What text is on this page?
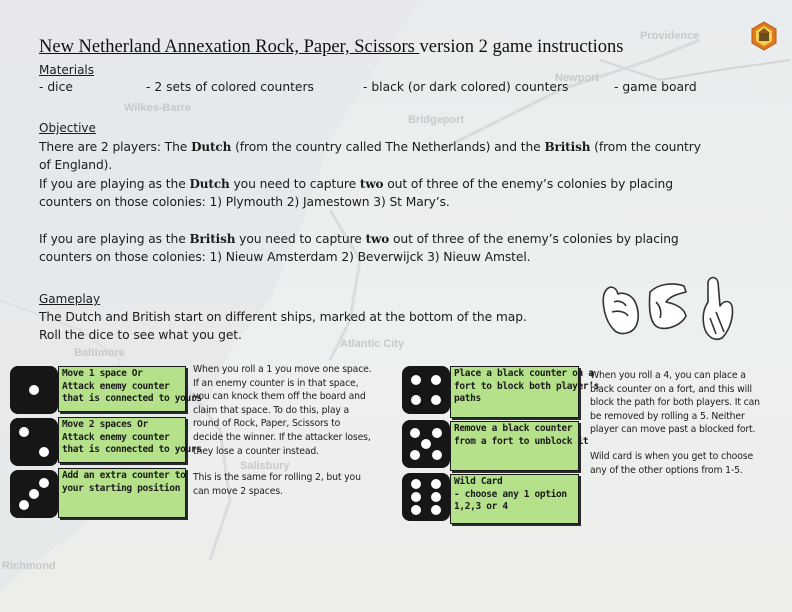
Providence
Newport
Wilkes-Barre
Bridgeport
Baltimore
Atlantic City
Salisbury
Richmond
New Netherland Annexation Rock, Paper, Scissors version 2 game instructions
Materials
- dice	- 2 sets of colored counters	- black (or dark colored) counters	- game board
Objective
There are 2 players: The Dutch (from the country called The Netherlands) and the British (from the country
of England).
If you are playing as the Dutch you need to capture two out of three of the enemy’s colonies by placing
counters on those colonies: 1) Plymouth 2) Jamestown 3) St Mary’s.
If you are playing as the British you need to capture two out of three of the enemy’s colonies by placing
counters on those colonies: 1) Nieuw Amsterdam 2) Beverwijck 3) Nieuw Amstel.
Gameplay
The Dutch and British start on different ships, marked at the bottom of the map.
Roll the dice to see what you get.
Move 1 space Or
Attack enemy counter
that is connected to yours
Move 2 spaces Or
Attack enemy counter
that is connected to yours
Add an extra counter to
your starting position

When you roll a 1 you move one space. If an enemy counter is in that space, you can knock them off the board and claim that space. To do this, play a round of Rock, Paper, Scissors to decide the winner. If the attacker loses, they lose a counter instead.

This is the same for rolling 2, but you can move 2 spaces.

Place a black counter on a
fort to block both player’s
paths
Remove a black counter
from a fort to unblock it
Wild Card
- choose any 1 option
1,2,3 or 4

When you roll a 4, you can place a black counter on a fort, and this will block the path for both players. It can be removed by rolling a 5. Neither player can move past a blocked fort.

Wild card is when you get to choose any of the other options from 1-5.
